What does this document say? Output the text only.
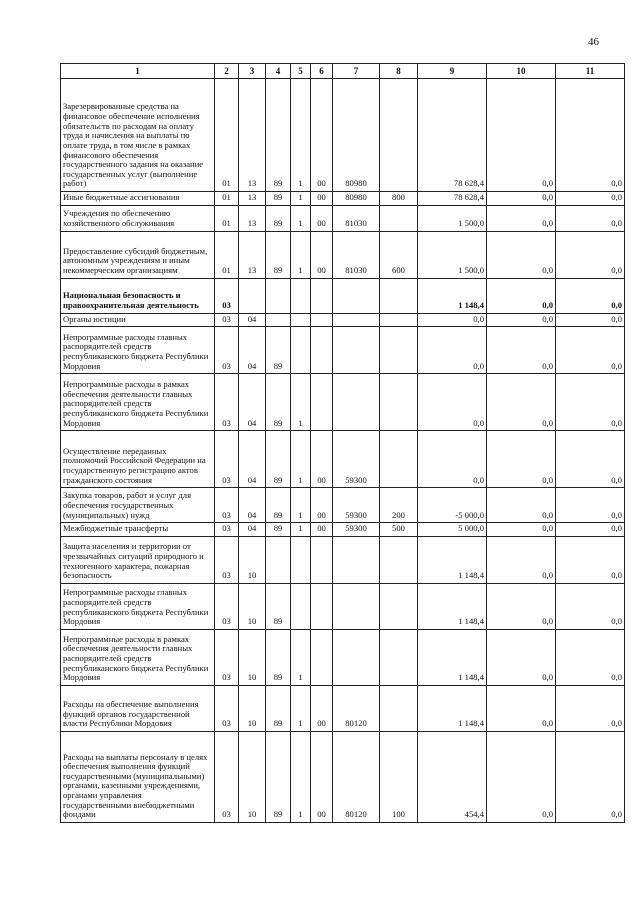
46
1	2	3	4	5	6	7	8	9	10	11
Зарезервированные средства на финансовое обеспечение исполнения обязательств по расходам на оплату труда и начисления на выплаты по оплате труда, в том числе в рамках финансового обеспечения государственного задания на оказание государственных услуг (выполнение работ)	01	13	89	1	00	80980		78 628,4	0,0	0,0
Иные бюджетные ассигнования	01	13	89	1	00	80980	800	78 628,4	0,0	0,0
Учреждения по обеспечению хозяйственного обслуживания	01	13	89	1	00	81030		1 500,0	0,0	0,0
Предоставление субсидий бюджетным, автономным учреждениям и иным некоммерческим организациям	01	13	89	1	00	81030	600	1 500,0	0,0	0,0
Национальная безопасность и правоохранительная деятельность	03							1 148,4	0,0	0,0
Органы юстиции	03	04						0,0	0,0	0,0
Непрограммные расходы главных распорядителей средств республиканского бюджета Республики Мордовия	03	04	89					0,0	0,0	0,0
Непрограммные расходы в рамках обеспечения деятельности главных распорядителей средств республиканского бюджета Республики Мордовия	03	04	89	1				0,0	0,0	0,0
Осуществление переданных полномочий Российской Федерации на государственную регистрацию актов гражданского состояния	03	04	89	1	00	59300		0,0	0,0	0,0
Закупка товаров, работ и услуг для обеспечения государственных (муниципальных) нужд	03	04	89	1	00	59300	200	-5 000,0	0,0	0,0
Межбюджетные трансферты	03	04	89	1	00	59300	500	5 000,0	0,0	0,0
Защита населения и территории от чрезвычайных ситуаций природного и техногенного характера, пожарная безопасность	03	10						1 148,4	0,0	0,0
Непрограммные расходы главных распорядителей средств республиканского бюджета Республики Мордовия	03	10	89					1 148,4	0,0	0,0
Непрограммные расходы в рамках обеспечения деятельности главных распорядителей средств республиканского бюджета Республики Мордовия	03	10	89	1				1 148,4	0,0	0,0
Расходы на обеспечение выполнения функций органов государственной власти Республики Мордовия	03	10	89	1	00	80120		1 148,4	0,0	0,0
Расходы на выплаты персоналу в целях обеспечения выполнения функций государственными (муниципальными) органами, казенными учреждениями, органами управления государственными внебюджетными фондами	03	10	89	1	00	80120	100	454,4	0,0	0,0
